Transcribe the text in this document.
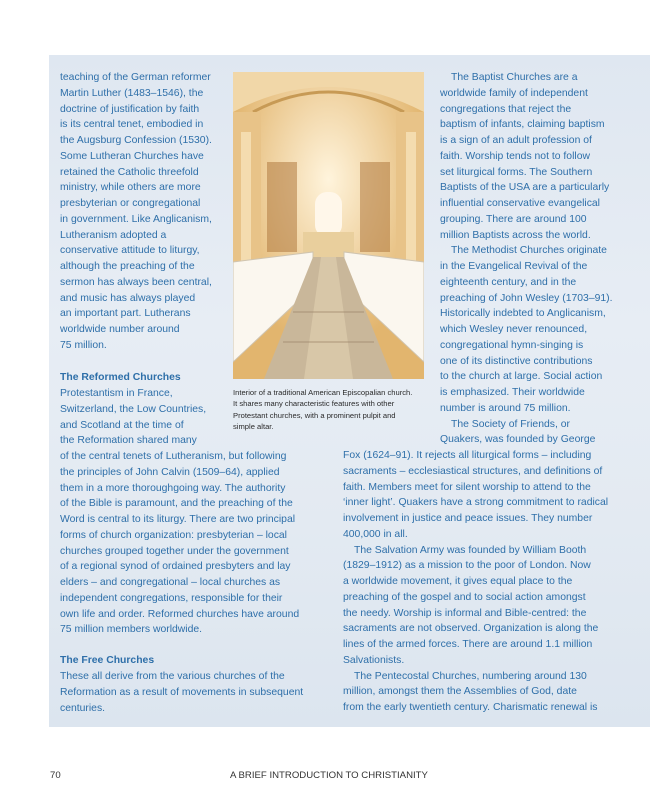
teaching of the German reformer
Martin Luther (1483–1546), the
doctrine of justification by faith
is its central tenet, embodied in
the Augsburg Confession (1530).
Some Lutheran Churches have
retained the Catholic threefold
ministry, while others are more
presbyterian or congregational
in government. Like Anglicanism,
Lutheranism adopted a
conservative attitude to liturgy,
although the preaching of the
sermon has always been central,
and music has always played
an important part. Lutherans
worldwide number around
75 million.
The Reformed Churches
Protestantism in France,
Switzerland, the Low Countries,
and Scotland at the time of
the Reformation shared many
of the central tenets of Lutheranism, but following
the principles of John Calvin (1509–64), applied
them in a more thoroughgoing way. The authority
of the Bible is paramount, and the preaching of the
Word is central to its liturgy. There are two principal
forms of church organization: presbyterian – local
churches grouped together under the government
of a regional synod of ordained presbyters and lay
elders – and congregational – local churches as
independent congregations, responsible for their
own life and order. Reformed churches have around
75 million members worldwide.
The Free Churches
These all derive from the various churches of the
Reformation as a result of movements in subsequent
centuries.
The Baptist Churches are a
worldwide family of independent
congregations that reject the
baptism of infants, claiming baptism
is a sign of an adult profession of
faith. Worship tends not to follow
set liturgical forms. The Southern
Baptists of the USA are a particularly
influential conservative evangelical
grouping. There are around 100
million Baptists across the world.
The Methodist Churches originate
in the Evangelical Revival of the
eighteenth century, and in the
preaching of John Wesley (1703–91).
Historically indebted to Anglicanism,
which Wesley never renounced,
congregational hymn-singing is
one of its distinctive contributions
to the church at large. Social action
is emphasized. Their worldwide
number is around 75 million.
The Society of Friends, or
Quakers, was founded by George
Fox (1624–91). It rejects all liturgical forms – including
sacraments – ecclesiastical structures, and definitions of
faith. Members meet for silent worship to attend to the
‘inner light’. Quakers have a strong commitment to radical
involvement in justice and peace issues. They number
400,000 in all.
The Salvation Army was founded by William Booth
(1829–1912) as a mission to the poor of London. Now
a worldwide movement, it gives equal place to the
preaching of the gospel and to social action amongst
the needy. Worship is informal and Bible-centred: the
sacraments are not observed. Organization is along the
lines of the armed forces. There are around 1.1 million
Salvationists.
The Pentecostal Churches, numbering around 130
million, amongst them the Assemblies of God, date
from the early twentieth century. Charismatic renewal is
Interior of a traditional American Episcopalian church.
It shares many characteristic features with other
Protestant churches, with a prominent pulpit and
simple altar.
70	A BRIEF INTRODUCTION TO CHRISTIANITY
